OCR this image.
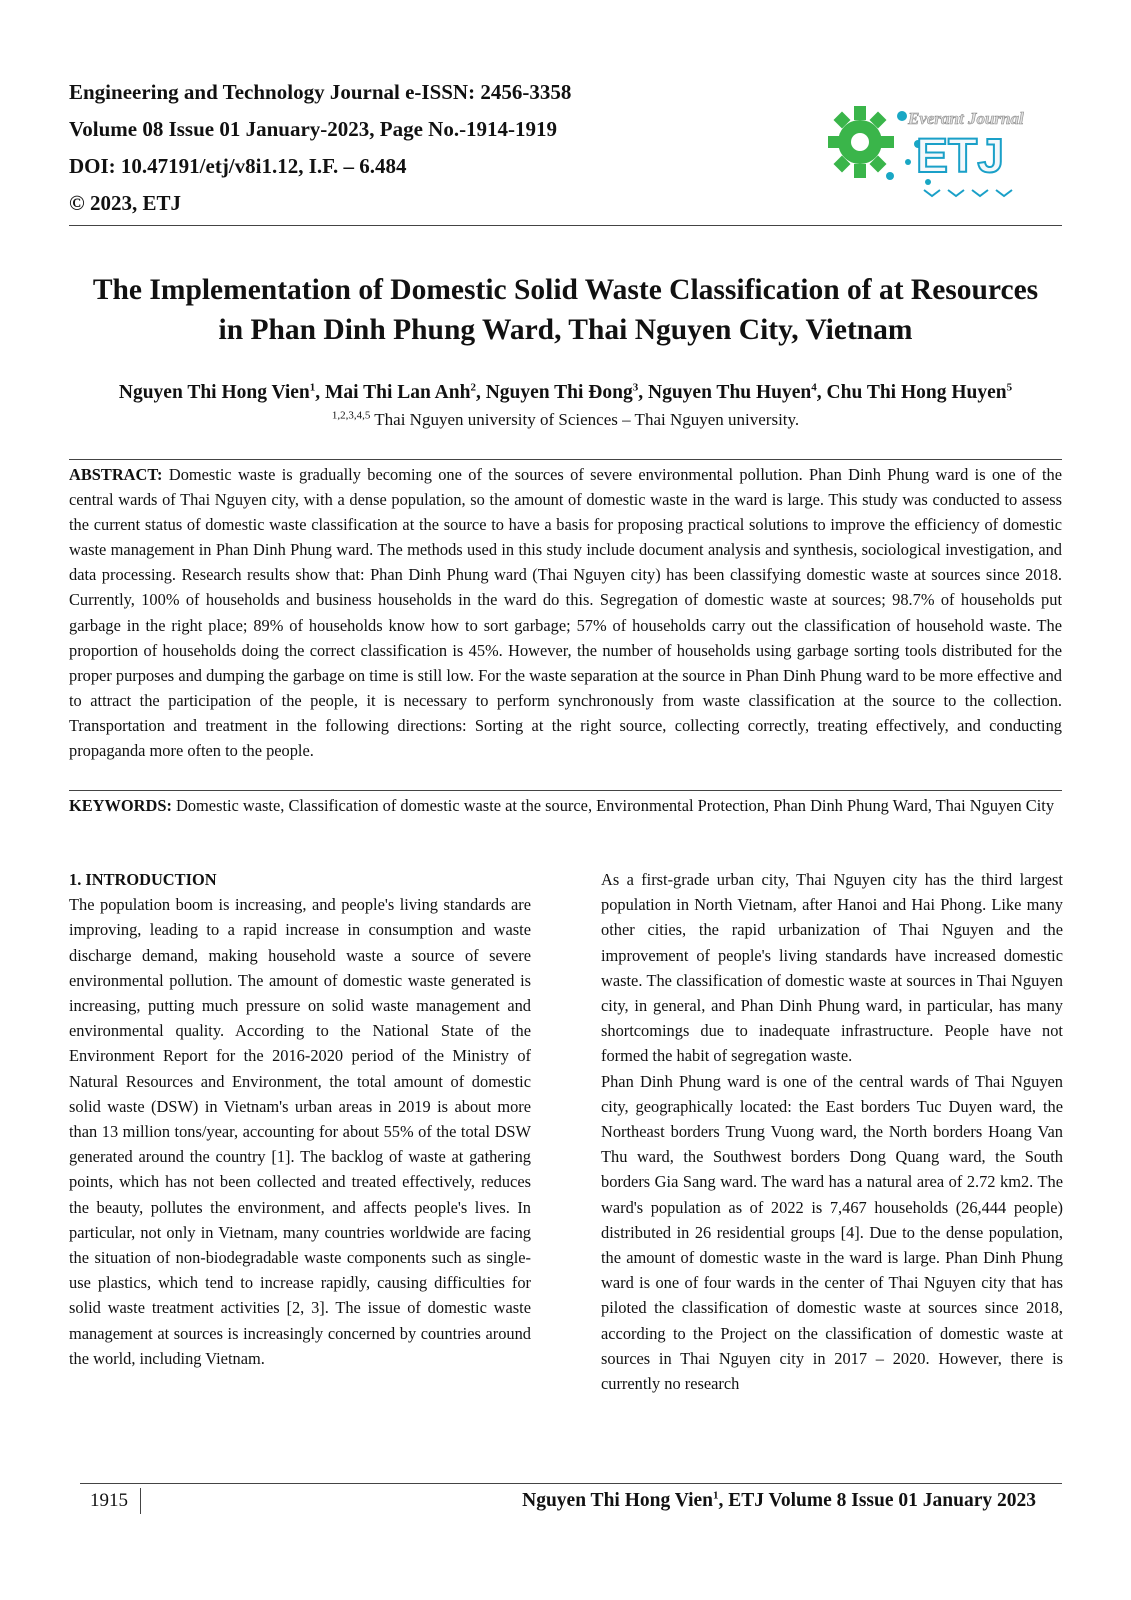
Engineering and Technology Journal e-ISSN: 2456-3358
Volume 08 Issue 01 January-2023, Page No.-1914-1919
DOI: 10.47191/etj/v8i1.12, I.F. – 6.484
© 2023, ETJ
Everant Journal
ETJ
The Implementation of Domestic Solid Waste Classification of at Resources
in Phan Dinh Phung Ward, Thai Nguyen City, Vietnam
Nguyen Thi Hong Vien$^1$, Mai Thi Lan Anh$^2$, Nguyen Thi Đong$^3$, Nguyen Thu Huyen$^4$, Chu Thi Hong Huyen$^5$
$^{1,2,3,4,5}$ Thai Nguyen university of Sciences – Thai Nguyen university.
ABSTRACT: Domestic waste is gradually becoming one of the sources of severe environmental pollution. Phan Dinh Phung ward is one of the central wards of Thai Nguyen city, with a dense population, so the amount of domestic waste in the ward is large. This study was conducted to assess the current status of domestic waste classification at the source to have a basis for proposing practical solutions to improve the efficiency of domestic waste management in Phan Dinh Phung ward. The methods used in this study include document analysis and synthesis, sociological investigation, and data processing. Research results show that: Phan Dinh Phung ward (Thai Nguyen city) has been classifying domestic waste at sources since 2018. Currently, 100% of households and business households in the ward do this. Segregation of domestic waste at sources; 98.7% of households put garbage in the right place; 89% of households know how to sort garbage; 57% of households carry out the classification of household waste. The proportion of households doing the correct classification is 45%. However, the number of households using garbage sorting tools distributed for the proper purposes and dumping the garbage on time is still low. For the waste separation at the source in Phan Dinh Phung ward to be more effective and to attract the participation of the people, it is necessary to perform synchronously from waste classification at the source to the collection. Transportation and treatment in the following directions: Sorting at the right source, collecting correctly, treating effectively, and conducting propaganda more often to the people.
KEYWORDS: Domestic waste, Classification of domestic waste at the source, Environmental Protection, Phan Dinh Phung Ward, Thai Nguyen City

1. INTRODUCTION

The population boom is increasing, and people's living standards are improving, leading to a rapid increase in consumption and waste discharge demand, making household waste a source of severe environmental pollution. The amount of domestic waste generated is increasing, putting much pressure on solid waste management and environmental quality. According to the National State of the Environment Report for the 2016-2020 period of the Ministry of Natural Resources and Environment, the total amount of domestic solid waste (DSW) in Vietnam's urban areas in 2019 is about more than 13 million tons/year, accounting for about 55% of the total DSW generated around the country [1]. The backlog of waste at gathering points, which has not been collected and treated effectively, reduces the beauty, pollutes the environment, and affects people's lives. In particular, not only in Vietnam, many countries worldwide are facing the situation of non-biodegradable waste components such as single-use plastics, which tend to increase rapidly, causing difficulties for solid waste treatment activities [2, 3]. The issue of domestic waste management at sources is increasingly concerned by countries around the world, including Vietnam.

As a first-grade urban city, Thai Nguyen city has the third largest population in North Vietnam, after Hanoi and Hai Phong. Like many other cities, the rapid urbanization of Thai Nguyen and the improvement of people's living standards have increased domestic waste. The classification of domestic waste at sources in Thai Nguyen city, in general, and Phan Dinh Phung ward, in particular, has many shortcomings due to inadequate infrastructure. People have not formed the habit of segregation waste.

Phan Dinh Phung ward is one of the central wards of Thai Nguyen city, geographically located: the East borders Tuc Duyen ward, the Northeast borders Trung Vuong ward, the North borders Hoang Van Thu ward, the Southwest borders Dong Quang ward, the South borders Gia Sang ward. The ward has a natural area of 2.72 km2. The ward's population as of 2022 is 7,467 households (26,444 people) distributed in 26 residential groups [4]. Due to the dense population, the amount of domestic waste in the ward is large. Phan Dinh Phung ward is one of four wards in the center of Thai Nguyen city that has piloted the classification of domestic waste at sources since 2018, according to the Project on the classification of domestic waste at sources in Thai Nguyen city in 2017 – 2020. However, there is currently no research

1915	Nguyen Thi Hong Vien$^1$, ETJ Volume 8 Issue 01 January 2023
